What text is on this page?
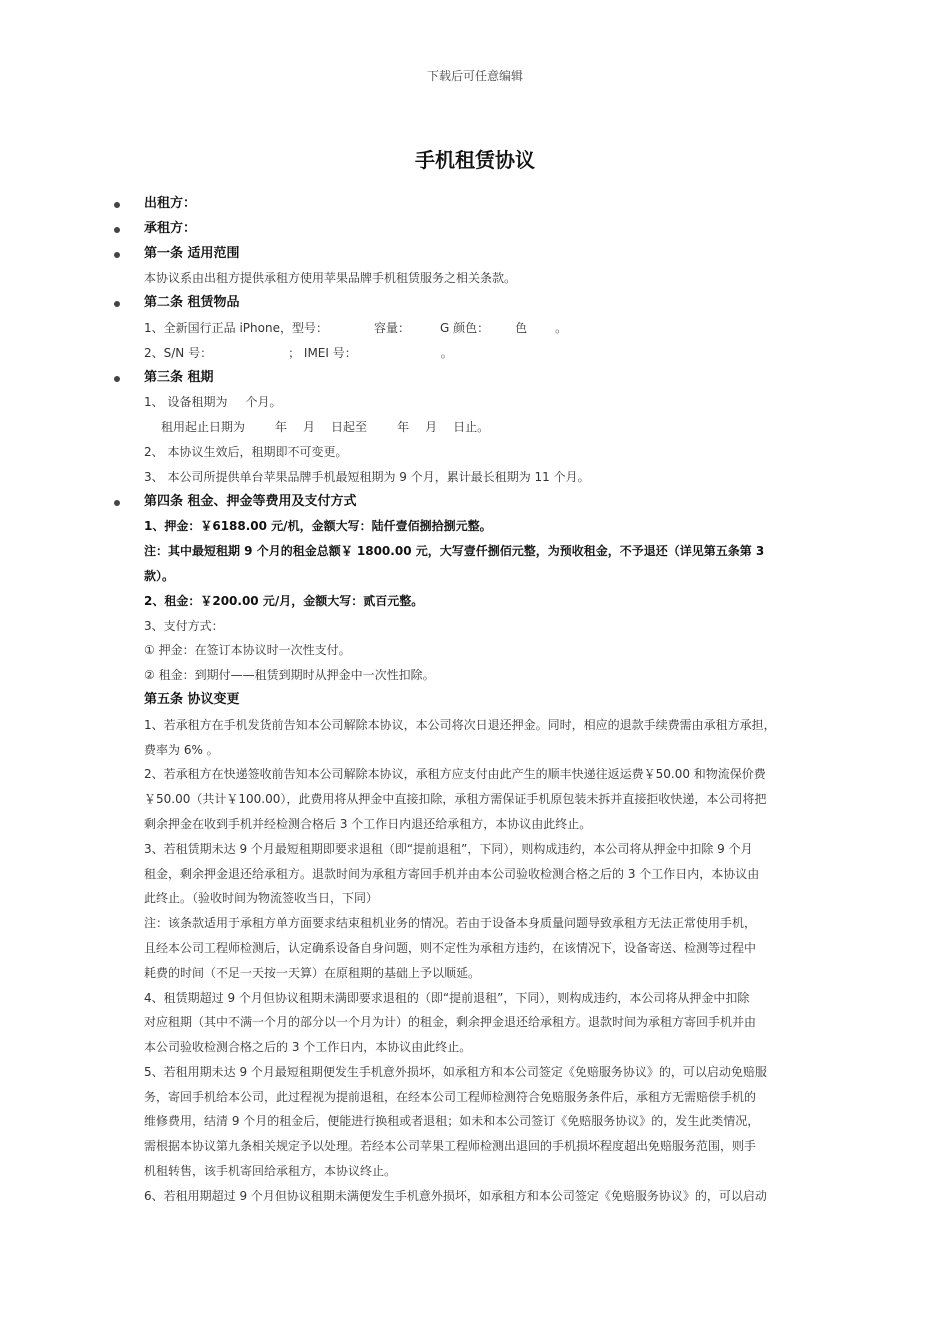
下载后可任意编辑
手机租赁协议
出租方：
承租方：
第一条 适用范围
本协议系由出租方提供承租方使用苹果品牌手机租赁服务之相关条款。
第二条 租赁物品
1、全新国行正品 iPhone，型号：	容量：	G 颜色： 色 。
2、S/N 号：	； IMEI 号：	。
第三条 租期
1、 设备租期为 个月。
租用起止日期为	年 月 日起至	年 月 日止。
2、 本协议生效后，租期即不可变更。
3、 本公司所提供单台苹果品牌手机最短租期为 9 个月，累计最长租期为 11 个月。
第四条 租金、押金等费用及支付方式
1、押金：￥6188.00 元/机，金额大写：陆仟壹佰捌拾捌元整。
注：其中最短租期 9 个月的租金总额￥ 1800.00 元，大写壹仟捌佰元整，为预收租金，不予退还（详见第五条第 3
款）。
2、租金：￥200.00 元/月，金额大写：贰百元整。
3、支付方式：
① 押金：在签订本协议时一次性支付。
② 租金：到期付——租赁到期时从押金中一次性扣除。
第五条 协议变更
1、若承租方在手机发货前告知本公司解除本协议，本公司将次日退还押金。同时，相应的退款手续费需由承租方承担，
费率为 6% 。
2、若承租方在快递签收前告知本公司解除本协议，承租方应支付由此产生的顺丰快递往返运费￥50.00 和物流保价费
￥50.00（共计￥100.00），此费用将从押金中直接扣除，承租方需保证手机原包装未拆并直接拒收快递，本公司将把
剩余押金在收到手机并经检测合格后 3 个工作日内退还给承租方，本协议由此终止。
3、若租赁期未达 9 个月最短租期即要求退租（即“提前退租”，下同），则构成违约，本公司将从押金中扣除 9 个月
租金，剩余押金退还给承租方。退款时间为承租方寄回手机并由本公司验收检测合格之后的 3 个工作日内，本协议由
此终止。（验收时间为物流签收当日，下同）
注：该条款适用于承租方单方面要求结束租机业务的情况。若由于设备本身质量问题导致承租方无法正常使用手机，
且经本公司工程师检测后，认定确系设备自身问题，则不定性为承租方违约，在该情况下，设备寄送、检测等过程中
耗费的时间（不足一天按一天算）在原租期的基础上予以顺延。
4、租赁期超过 9 个月但协议租期未满即要求退租的（即“提前退租”，下同），则构成违约，本公司将从押金中扣除
对应租期（其中不满一个月的部分以一个月为计）的租金，剩余押金退还给承租方。退款时间为承租方寄回手机并由
本公司验收检测合格之后的 3 个工作日内，本协议由此终止。
5、若租用期未达 9 个月最短租期便发生手机意外损坏，如承租方和本公司签定《免赔服务协议》的，可以启动免赔服
务，寄回手机给本公司，此过程视为提前退租，在经本公司工程师检测符合免赔服务条件后，承租方无需赔偿手机的
维修费用，结清 9 个月的租金后，便能进行换租或者退租；如未和本公司签订《免赔服务协议》的，发生此类情况，
需根据本协议第九条相关规定予以处理。若经本公司苹果工程师检测出退回的手机损坏程度超出免赔服务范围，则手
机租转售，该手机寄回给承租方，本协议终止。
6、若租用期超过 9 个月但协议租期未满便发生手机意外损坏，如承租方和本公司签定《免赔服务协议》的，可以启动
